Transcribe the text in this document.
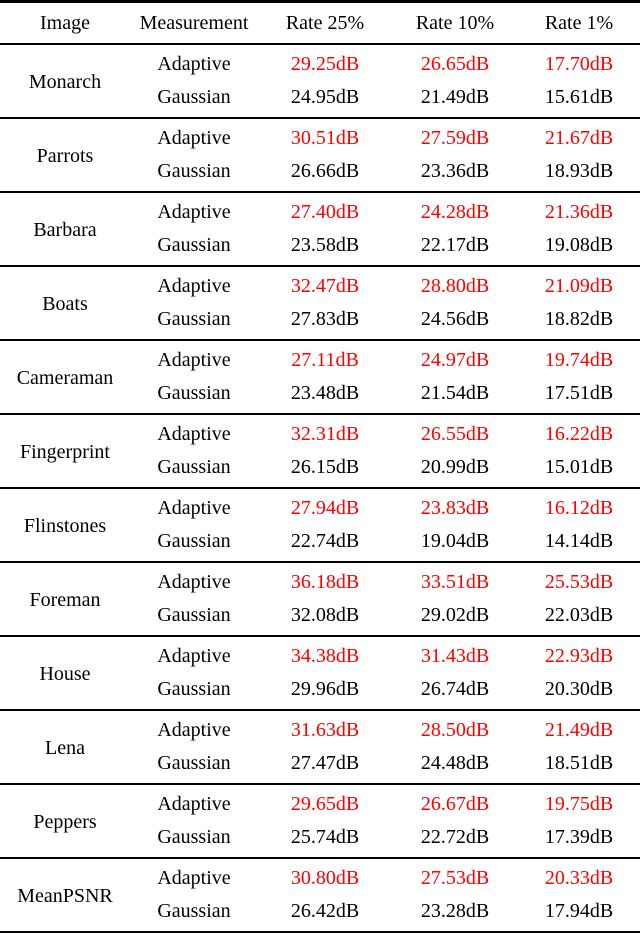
Image	Measurement	Rate 25%	Rate 10%	Rate 1%
Monarch	Adaptive	29.25dB	26.65dB	17.70dB
	Gaussian	24.95dB	21.49dB	15.61dB
Parrots	Adaptive	30.51dB	27.59dB	21.67dB
	Gaussian	26.66dB	23.36dB	18.93dB
Barbara	Adaptive	27.40dB	24.28dB	21.36dB
	Gaussian	23.58dB	22.17dB	19.08dB
Boats	Adaptive	32.47dB	28.80dB	21.09dB
	Gaussian	27.83dB	24.56dB	18.82dB
Cameraman	Adaptive	27.11dB	24.97dB	19.74dB
	Gaussian	23.48dB	21.54dB	17.51dB
Fingerprint	Adaptive	32.31dB	26.55dB	16.22dB
	Gaussian	26.15dB	20.99dB	15.01dB
Flinstones	Adaptive	27.94dB	23.83dB	16.12dB
	Gaussian	22.74dB	19.04dB	14.14dB
Foreman	Adaptive	36.18dB	33.51dB	25.53dB
	Gaussian	32.08dB	29.02dB	22.03dB
House	Adaptive	34.38dB	31.43dB	22.93dB
	Gaussian	29.96dB	26.74dB	20.30dB
Lena	Adaptive	31.63dB	28.50dB	21.49dB
	Gaussian	27.47dB	24.48dB	18.51dB
Peppers	Adaptive	29.65dB	26.67dB	19.75dB
	Gaussian	25.74dB	22.72dB	17.39dB
MeanPSNR	Adaptive	30.80dB	27.53dB	20.33dB
	Gaussian	26.42dB	23.28dB	17.94dB
